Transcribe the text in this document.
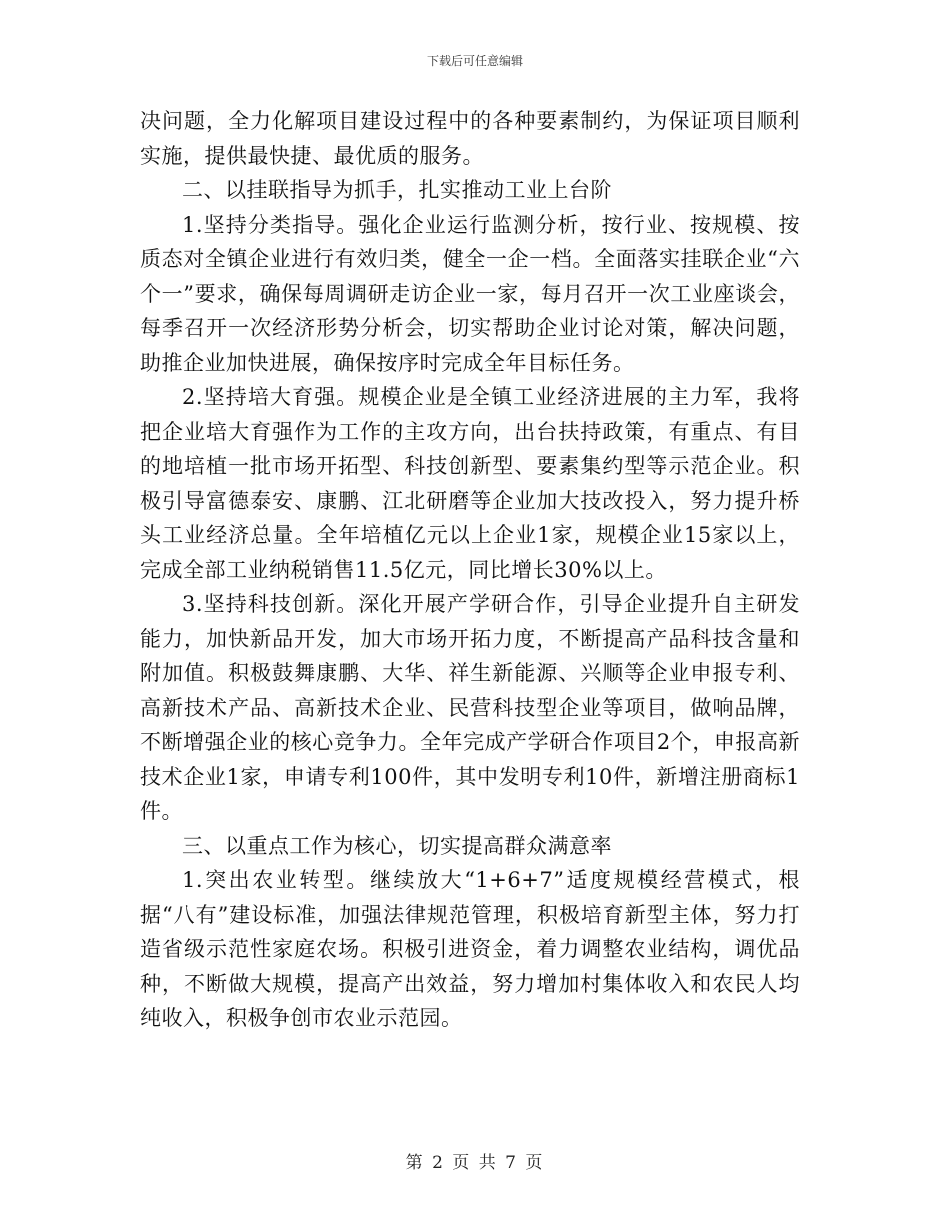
下载后可任意编辑

决问题，全力化解项目建设过程中的各种要素制约，为保证项目顺利实施，提供最快捷、最优质的服务。

二、以挂联指导为抓手，扎实推动工业上台阶

1.坚持分类指导。强化企业运行监测分析，按行业、按规模、按质态对全镇企业进行有效归类，健全一企一档。全面落实挂联企业“六个一”要求，确保每周调研走访企业一家，每月召开一次工业座谈会，每季召开一次经济形势分析会，切实帮助企业讨论对策，解决问题，助推企业加快进展，确保按序时完成全年目标任务。

2.坚持培大育强。规模企业是全镇工业经济进展的主力军，我将把企业培大育强作为工作的主攻方向，出台扶持政策，有重点、有目的地培植一批市场开拓型、科技创新型、要素集约型等示范企业。积极引导富德泰安、康鹏、江北研磨等企业加大技改投入，努力提升桥头工业经济总量。全年培植亿元以上企业1家，规模企业15家以上，完成全部工业纳税销售11.5亿元，同比增长30%以上。

3.坚持科技创新。深化开展产学研合作，引导企业提升自主研发能力，加快新品开发，加大市场开拓力度，不断提高产品科技含量和附加值。积极鼓舞康鹏、大华、祥生新能源、兴顺等企业申报专利、高新技术产品、高新技术企业、民营科技型企业等项目，做响品牌，不断增强企业的核心竞争力。全年完成产学研合作项目2个，申报高新技术企业1家，申请专利100件，其中发明专利10件，新增注册商标1件。

三、以重点工作为核心，切实提高群众满意率

1.突出农业转型。继续放大“1+6+7”适度规模经营模式，根据“八有”建设标准，加强法律规范管理，积极培育新型主体，努力打造省级示范性家庭农场。积极引进资金，着力调整农业结构，调优品种，不断做大规模，提高产出效益，努力增加村集体收入和农民人均纯收入，积极争创市农业示范园。

第 2 页 共 7 页
